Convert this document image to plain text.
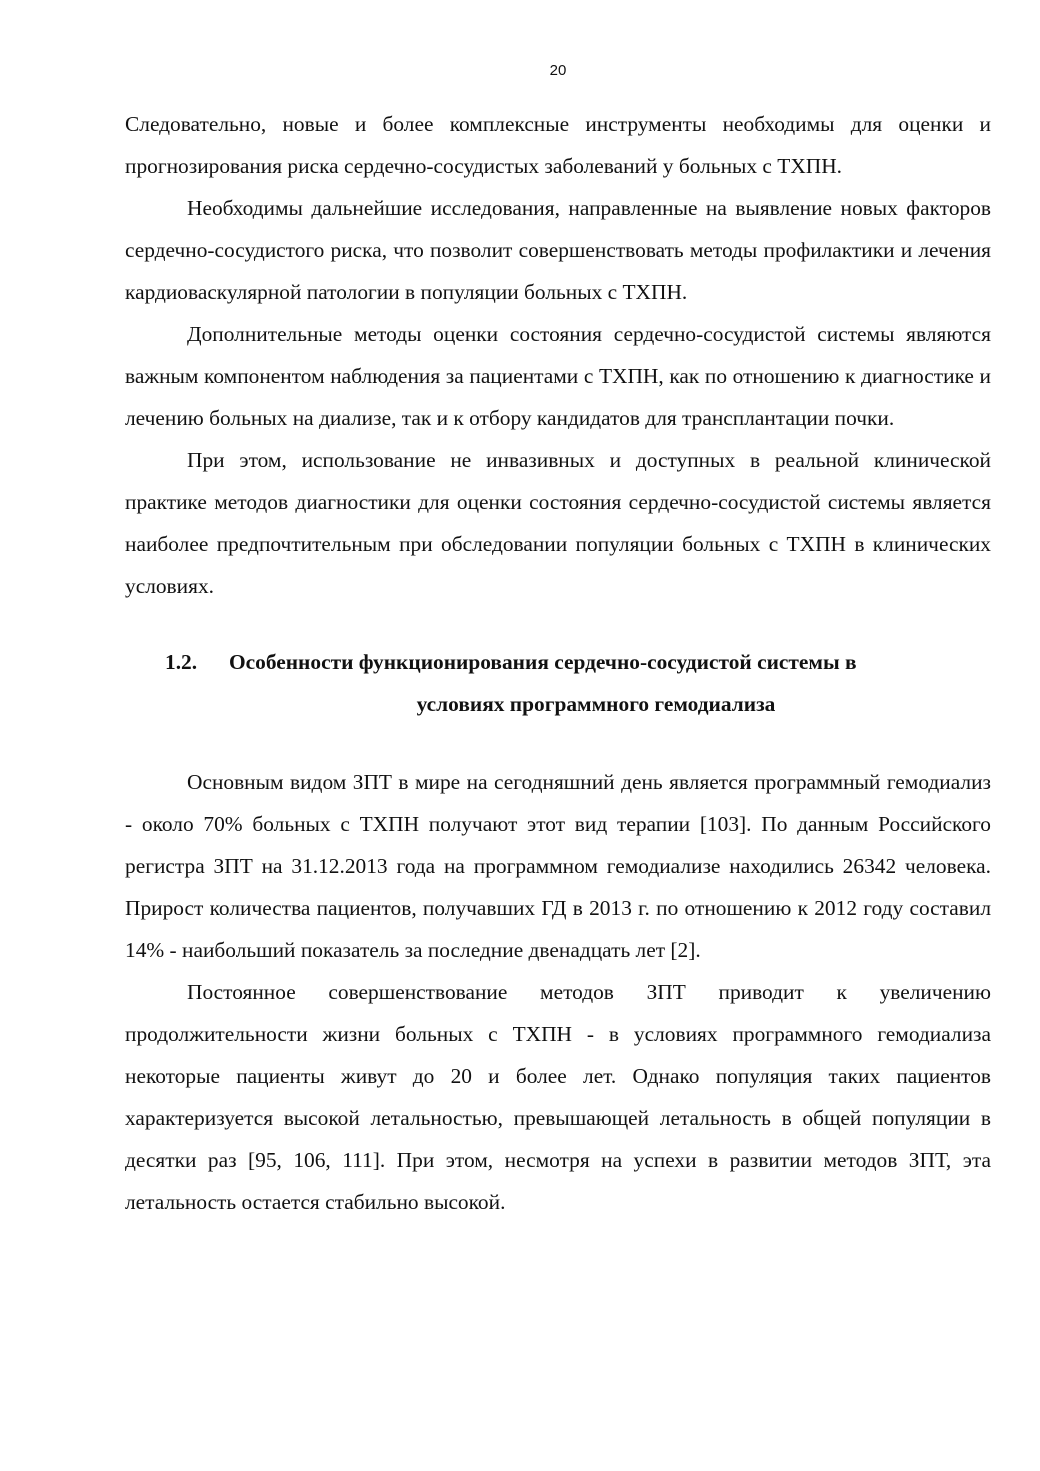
20

Следовательно, новые и более комплексные инструменты необходимы для оценки и прогнозирования риска сердечно-сосудистых заболеваний у больных с ТХПН.

Необходимы дальнейшие исследования, направленные на выявление новых факторов сердечно-сосудистого риска, что позволит совершенствовать методы профилактики и лечения кардиоваскулярной патологии в популяции больных с ТХПН.

Дополнительные методы оценки состояния сердечно-сосудистой системы являются важным компонентом наблюдения за пациентами с ТХПН, как по отношению к диагностике и лечению больных на диализе, так и к отбору кандидатов для трансплантации почки.

При этом, использование не инвазивных и доступных в реальной клинической практике методов диагностики для оценки состояния сердечно-сосудистой системы является наиболее предпочтительным при обследовании популяции больных с ТХПН в клинических условиях.

1.2.	Особенности функционирования сердечно-сосудистой системы в
условиях программного гемодиализа

Основным видом ЗПТ в мире на сегодняшний день является программный гемодиализ - около 70% больных с ТХПН получают этот вид терапии [103]. По данным Российского регистра ЗПТ на 31.12.2013 года на программном гемодиализе находились 26342 человека. Прирост количества пациентов, получавших ГД в 2013 г. по отношению к 2012 году составил 14% - наибольший показатель за последние двенадцать лет [2].

Постоянное совершенствование методов ЗПТ приводит к увеличению продолжительности жизни больных с ТХПН - в условиях программного гемодиализа некоторые пациенты живут до 20 и более лет. Однако популяция таких пациентов характеризуется высокой летальностью, превышающей летальность в общей популяции в десятки раз [95, 106, 111]. При этом, несмотря на успехи в развитии методов ЗПТ, эта летальность остается стабильно высокой.
